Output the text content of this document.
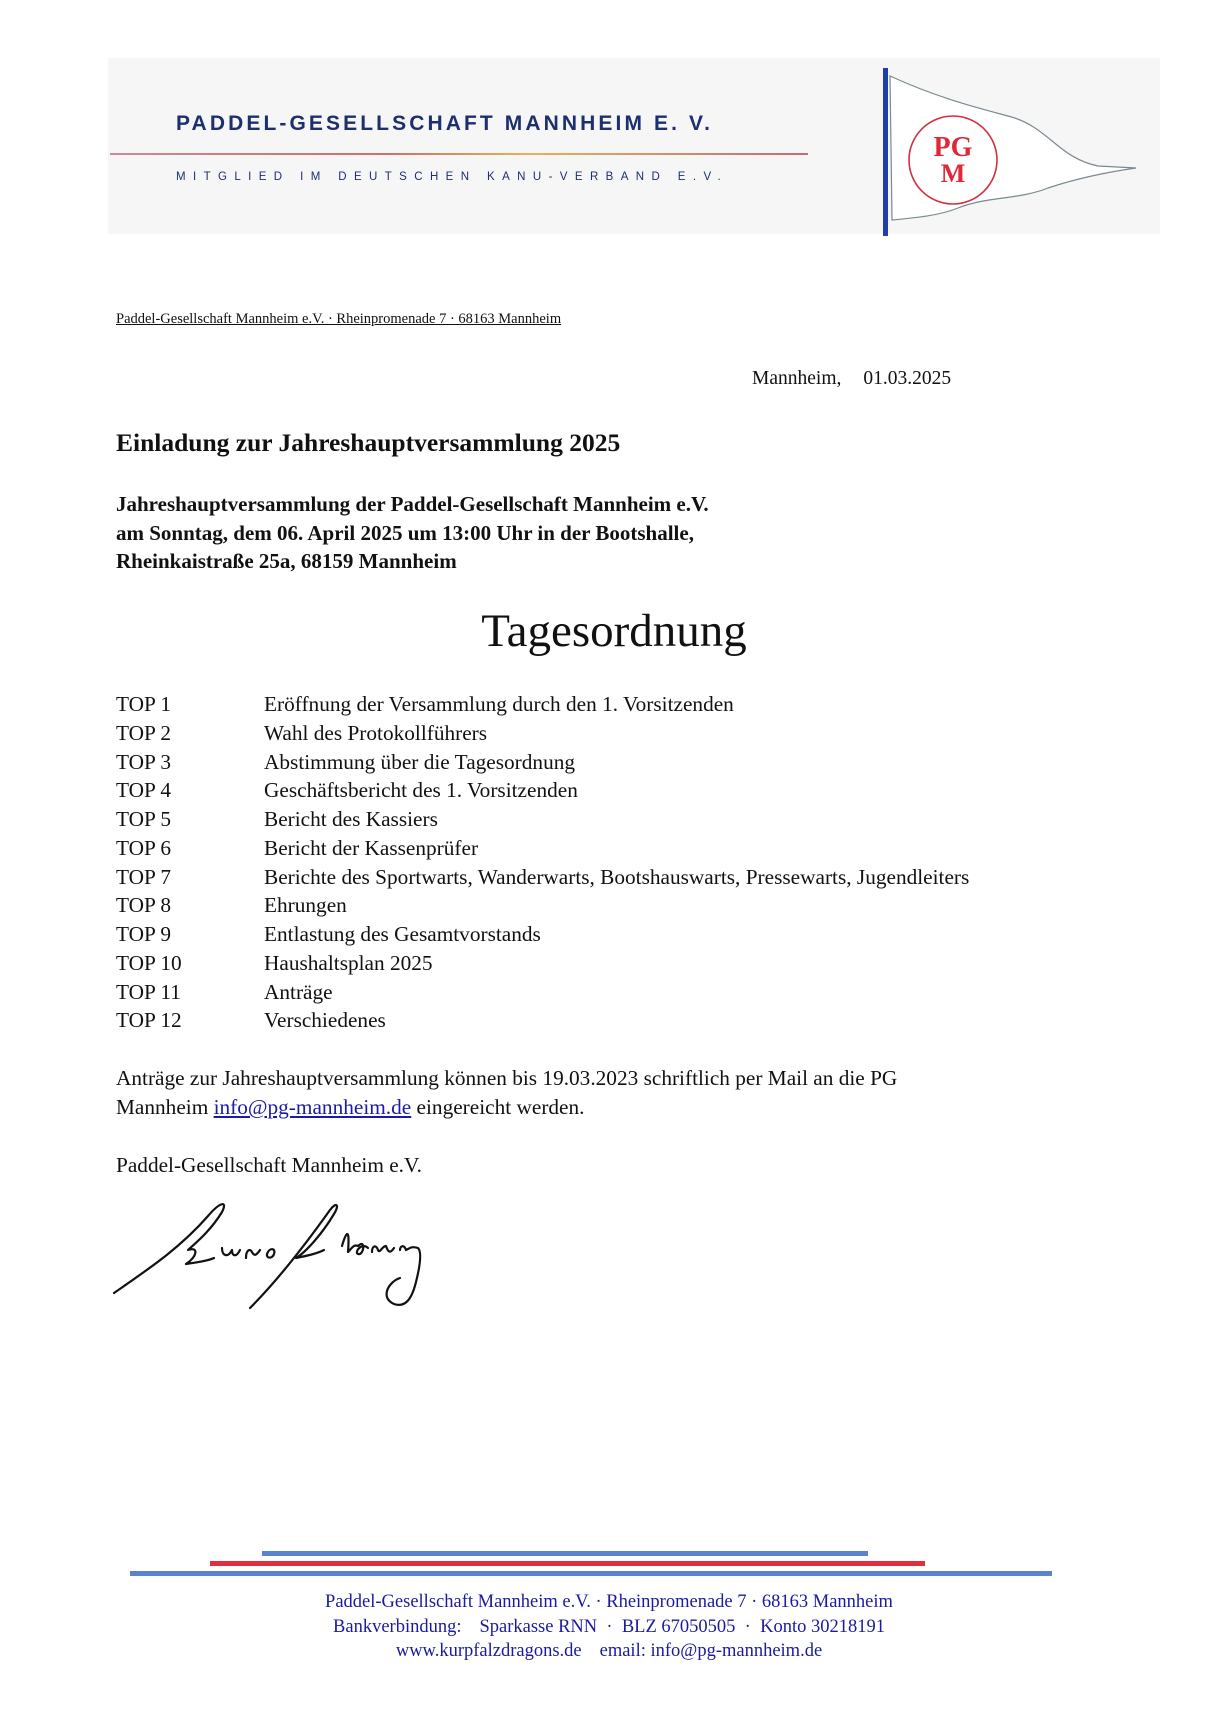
PADDEL-GESELLSCHAFT MANNHEIM E. V.
MITGLIED IM DEUTSCHEN KANU-VERBAND E.V.
PG
M
Paddel-Gesellschaft Mannheim e.V. · Rheinpromenade 7 · 68163 Mannheim
Mannheim, 01.03.2025
Einladung zur Jahreshauptversammlung 2025
Jahreshauptversammlung der Paddel-Gesellschaft Mannheim e.V.
am Sonntag, dem 06. April 2025 um 13:00 Uhr in der Bootshalle,
Rheinkaistraße 25a, 68159 Mannheim
Tagesordnung
TOP 1	Eröffnung der Versammlung durch den 1. Vorsitzenden
TOP 2	Wahl des Protokollführers
TOP 3	Abstimmung über die Tagesordnung
TOP 4	Geschäftsbericht des 1. Vorsitzenden
TOP 5	Bericht des Kassiers
TOP 6	Bericht der Kassenprüfer
TOP 7	Berichte des Sportwarts, Wanderwarts, Bootshauswarts, Pressewarts, Jugendleiters
TOP 8	Ehrungen
TOP 9	Entlastung des Gesamtvorstands
TOP 10	Haushaltsplan 2025
TOP 11	Anträge
TOP 12	Verschiedenes
Anträge zur Jahreshauptversammlung können bis 19.03.2023 schriftlich per Mail an die PG
Mannheim info@pg-mannheim.de eingereicht werden.
Paddel-Gesellschaft Mannheim e.V.
Paddel-Gesellschaft Mannheim e.V. · Rheinpromenade 7 · 68163 Mannheim
Bankverbindung: Sparkasse RNN  ·  BLZ 67050505  ·  Konto 30218191
www.kurpfalzdragons.de email: info@pg-mannheim.de
